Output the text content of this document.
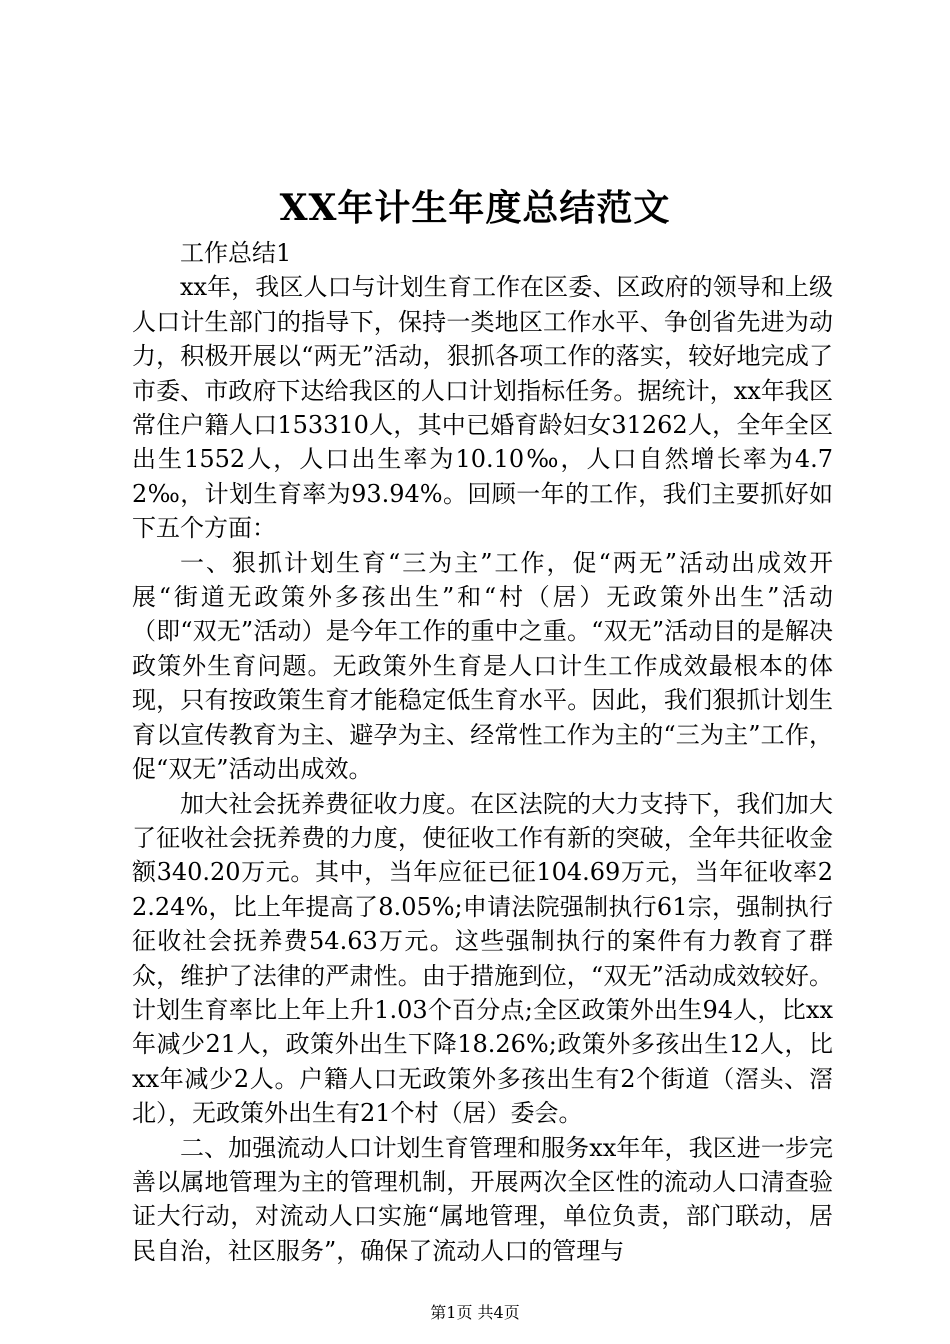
XX年计生年度总结范文

工作总结1

xx年，我区人口与计划生育工作在区委、区政府的领导和上级人口计生部门的指导下，保持一类地区工作水平、争创省先进为动力，积极开展以“两无”活动，狠抓各项工作的落实，较好地完成了市委、市政府下达给我区的人口计划指标任务。据统计，xx年我区常住户籍人口153310人，其中已婚育龄妇女31262人，全年全区出生1552人，人口出生率为10.10‰，人口自然增长率为4.72‰，计划生育率为93.94%。回顾一年的工作，我们主要抓好如下五个方面：

一、狠抓计划生育“三为主”工作，促“两无”活动出成效开展“街道无政策外多孩出生”和“村（居）无政策外出生”活动（即“双无”活动）是今年工作的重中之重。“双无”活动目的是解决政策外生育问题。无政策外生育是人口计生工作成效最根本的体现，只有按政策生育才能稳定低生育水平。因此，我们狠抓计划生育以宣传教育为主、避孕为主、经常性工作为主的“三为主”工作，促“双无”活动出成效。

加大社会抚养费征收力度。在区法院的大力支持下，我们加大了征收社会抚养费的力度，使征收工作有新的突破，全年共征收金额340.20万元。其中，当年应征已征104.69万元，当年征收率22.24%，比上年提高了8.05%;申请法院强制执行61宗，强制执行征收社会抚养费54.63万元。这些强制执行的案件有力教育了群众，维护了法律的严肃性。由于措施到位，“双无”活动成效较好。计划生育率比上年上升1.03个百分点;全区政策外出生94人，比xx年减少21人，政策外出生下降18.26%;政策外多孩出生12人，比xx年减少2人。户籍人口无政策外多孩出生有2个街道（滘头、滘北），无政策外出生有21个村（居）委会。

二、加强流动人口计划生育管理和服务xx年年，我区进一步完善以属地管理为主的管理机制，开展两次全区性的流动人口清查验证大行动，对流动人口实施“属地管理，单位负责，部门联动，居民自治，社区服务”，确保了流动人口的管理与

第1页 共4页
